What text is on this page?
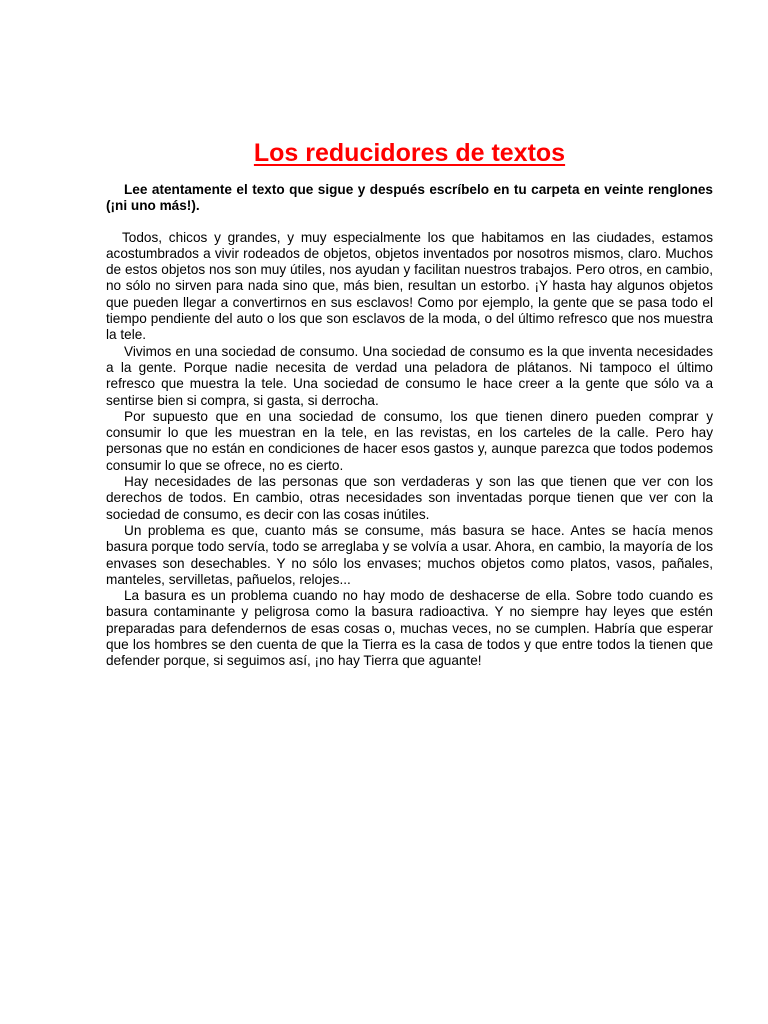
Los reducidores de textos

Lee atentamente el texto que sigue y después escríbelo en tu carpeta en veinte renglones (¡ni uno más!).

Todos, chicos y grandes, y muy especialmente los que habitamos en las ciudades, estamos acostumbrados a vivir rodeados de objetos, objetos inventados por nosotros mismos, claro. Muchos de estos objetos nos son muy útiles, nos ayudan y facilitan nuestros trabajos. Pero otros, en cambio, no sólo no sirven para nada sino que, más bien, resultan un estorbo. ¡Y hasta hay algunos objetos que pueden llegar a convertirnos en sus esclavos! Como por ejemplo, la gente que se pasa todo el tiempo pendiente del auto o los que son esclavos de la moda, o del último refresco que nos muestra la tele.

Vivimos en una sociedad de consumo. Una sociedad de consumo es la que inventa necesidades a la gente. Porque nadie necesita de verdad una peladora de plátanos. Ni tampoco el último refresco que muestra la tele. Una sociedad de consumo le hace creer a la gente que sólo va a sentirse bien si compra, si gasta, si derrocha.

Por supuesto que en una sociedad de consumo, los que tienen dinero pueden comprar y consumir lo que les muestran en la tele, en las revistas, en los carteles de la calle. Pero hay personas que no están en condiciones de hacer esos gastos y, aunque parezca que todos podemos consumir lo que se ofrece, no es cierto.

Hay necesidades de las personas que son verdaderas y son las que tienen que ver con los derechos de todos. En cambio, otras necesidades son inventadas porque tienen que ver con la sociedad de consumo, es decir con las cosas inútiles.

Un problema es que, cuanto más se consume, más basura se hace. Antes se hacía menos basura porque todo servía, todo se arreglaba y se volvía a usar. Ahora, en cambio, la mayoría de los envases son desechables. Y no sólo los envases; muchos objetos como platos, vasos, pañales, manteles, servilletas, pañuelos, relojes...

La basura es un problema cuando no hay modo de deshacerse de ella. Sobre todo cuando es basura contaminante y peligrosa como la basura radioactiva. Y no siempre hay leyes que estén preparadas para defendernos de esas cosas o, muchas veces, no se cumplen. Habría que esperar que los hombres se den cuenta de que la Tierra es la casa de todos y que entre todos la tienen que defender porque, si seguimos así, ¡no hay Tierra que aguante!
